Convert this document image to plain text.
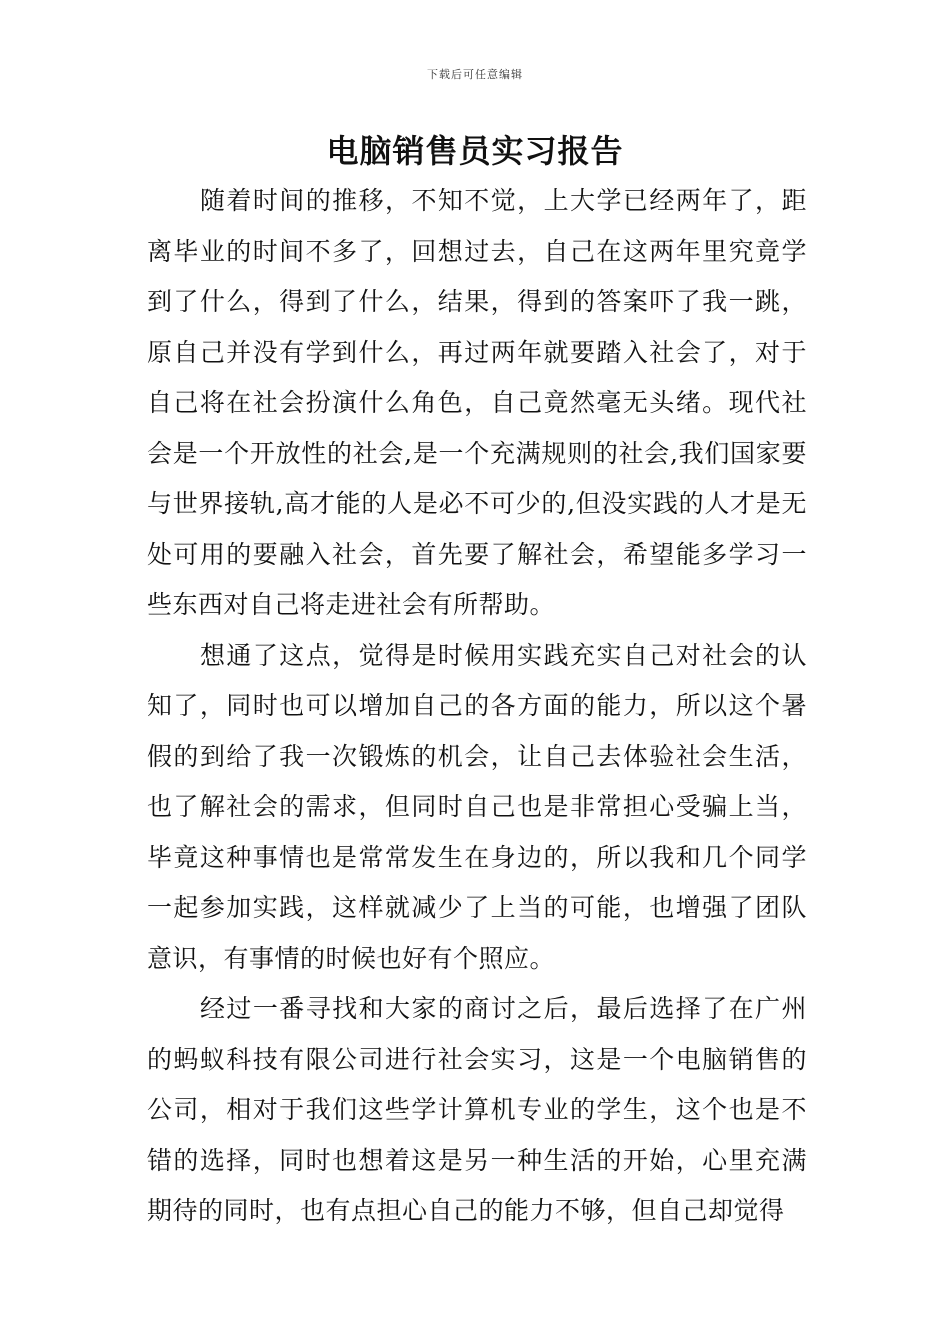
下载后可任意编辑
电脑销售员实习报告

随着时间的推移，不知不觉，上大学已经两年了，距离毕业的时间不多了，回想过去，自己在这两年里究竟学到了什么，得到了什么，结果，得到的答案吓了我一跳，原自己并没有学到什么，再过两年就要踏入社会了，对于自己将在社会扮演什么角色，自己竟然毫无头绪。现代社会是一个开放性的社会,是一个充满规则的社会,我们国家要与世界接轨,高才能的人是必不可少的,但没实践的人才是无处可用的要融入社会，首先要了解社会，希望能多学习一些东西对自己将走进社会有所帮助。

想通了这点，觉得是时候用实践充实自己对社会的认知了，同时也可以增加自己的各方面的能力，所以这个暑假的到给了我一次锻炼的机会，让自己去体验社会生活，也了解社会的需求，但同时自己也是非常担心受骗上当，毕竟这种事情也是常常发生在身边的，所以我和几个同学一起参加实践，这样就减少了上当的可能，也增强了团队意识，有事情的时候也好有个照应。

经过一番寻找和大家的商讨之后，最后选择了在广州的蚂蚁科技有限公司进行社会实习，这是一个电脑销售的公司，相对于我们这些学计算机专业的学生，这个也是不错的选择，同时也想着这是另一种生活的开始，心里充满期待的同时，也有点担心自己的能力不够，但自己却觉得
